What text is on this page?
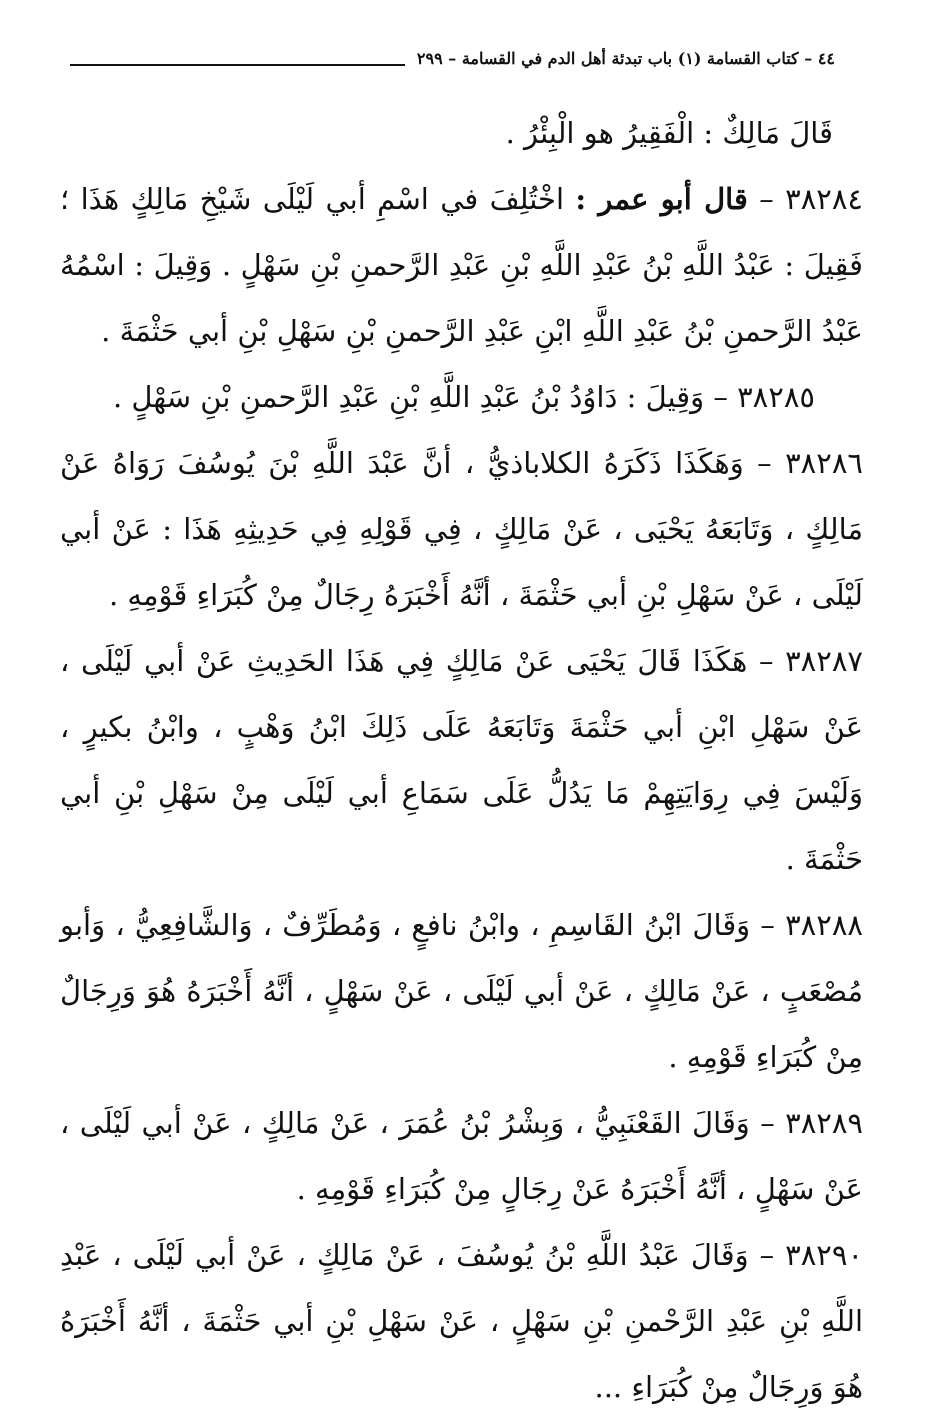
٤٤ – كتاب القسامة (١) باب تبدئة أهل الدم في القسامة – ٢٩٩

قَالَ مَالِكٌ : الْفَقِيرُ هو الْبِئْرُ .

٣٨٢٨٤ – قال أبو عمر : اخْتُلِفَ في اسْمِ أبي لَيْلَى شَيْخِ مَالِكٍ هَذَا ؛ فَقِيلَ : عَبْدُ اللَّهِ بْنُ عَبْدِ اللَّهِ بْنِ عَبْدِ الرَّحمنِ بْنِ سَهْلٍ . وَقِيلَ : اسْمُهُ عَبْدُ الرَّحمنِ بْنُ عَبْدِ اللَّهِ ابْنِ عَبْدِ الرَّحمنِ بْنِ سَهْلِ بْنِ أبي حَثْمَةَ .

٣٨٢٨٥ – وَقِيلَ : دَاوُدُ بْنُ عَبْدِ اللَّهِ بْنِ عَبْدِ الرَّحمنِ بْنِ سَهْلٍ .

٣٨٢٨٦ – وَهَكَذَا ذَكَرَهُ الكلاباذيُّ ، أنَّ عَبْدَ اللَّهِ بْنَ يُوسُفَ رَوَاهُ عَنْ مَالِكٍ ، وَتَابَعَهُ يَحْيَى ، عَنْ مَالِكٍ ، فِي قَوْلِهِ فِي حَدِيثِهِ هَذَا : عَنْ أبي لَيْلَى ، عَنْ سَهْلِ بْنِ أبي حَثْمَةَ ، أنَّهُ أَخْبَرَهُ رِجَالٌ مِنْ كُبَرَاءِ قَوْمِهِ .

٣٨٢٨٧ – هَكَذَا قَالَ يَحْيَى عَنْ مَالِكٍ فِي هَذَا الحَدِيثِ عَنْ أبي لَيْلَى ، عَنْ سَهْلِ ابْنِ أبي حَثْمَةَ وَتَابَعَهُ عَلَى ذَلِكَ ابْنُ وَهْبٍ ، وابْنُ بكيرٍ ، وَلَيْسَ فِي رِوَايَتِهِمْ مَا يَدُلُّ عَلَى سَمَاعِ أبي لَيْلَى مِنْ سَهْلِ بْنِ أبي حَثْمَةَ .

٣٨٢٨٨ – وَقَالَ ابْنُ القَاسِمِ ، وابْنُ نافعٍ ، وَمُطَرِّفٌ ، وَالشَّافِعِيُّ ، وَأبو مُصْعَبٍ ، عَنْ مَالِكٍ ، عَنْ أبي لَيْلَى ، عَنْ سَهْلٍ ، أنَّهُ أَخْبَرَهُ هُوَ وَرِجَالٌ مِنْ كُبَرَاءِ قَوْمِهِ .

٣٨٢٨٩ – وَقَالَ القَعْنَبِيُّ ، وَبِشْرُ بْنُ عُمَرَ ، عَنْ مَالِكٍ ، عَنْ أبي لَيْلَى ، عَنْ سَهْلٍ ، أنَّهُ أَخْبَرَهُ عَنْ رِجَالٍ مِنْ كُبَرَاءِ قَوْمِهِ .

٣٨٢٩٠ – وَقَالَ عَبْدُ اللَّهِ بْنُ يُوسُفَ ، عَنْ مَالِكٍ ، عَنْ أبي لَيْلَى ، عَبْدِ اللَّهِ بْنِ عَبْدِ الرَّحْمنِ بْنِ سَهْلٍ ، عَنْ سَهْلِ بْنِ أبي حَثْمَةَ ، أنَّهُ أَخْبَرَهُ هُوَ وَرِجَالٌ مِنْ كُبَرَاءِ ...
